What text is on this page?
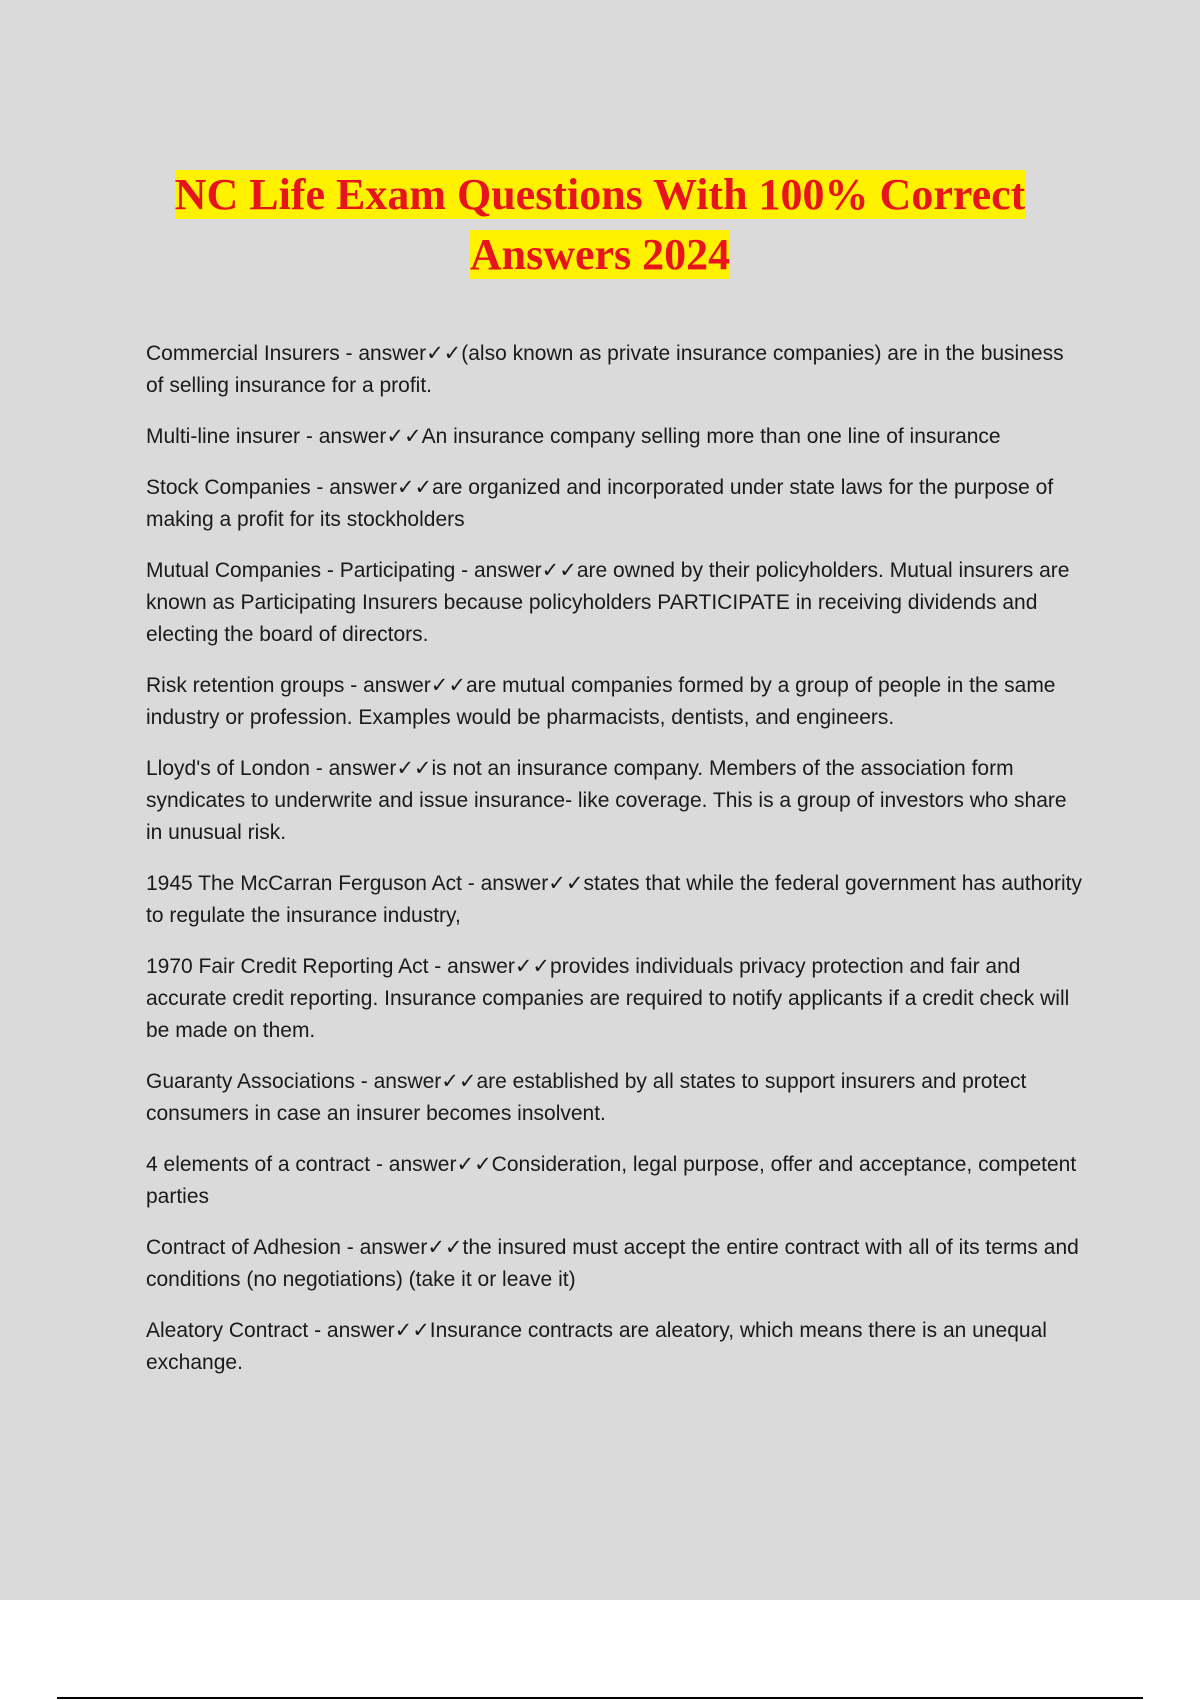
NC Life Exam Questions With 100% Correct
Answers 2024

Commercial Insurers - answer✓✓(also known as private insurance companies) are in the business of selling insurance for a profit.

Multi-line insurer - answer✓✓An insurance company selling more than one line of insurance

Stock Companies - answer✓✓are organized and incorporated under state laws for the purpose of making a profit for its stockholders

Mutual Companies - Participating - answer✓✓are owned by their policyholders. Mutual insurers are known as Participating Insurers because policyholders PARTICIPATE in receiving dividends and electing the board of directors.

Risk retention groups - answer✓✓are mutual companies formed by a group of people in the same industry or profession. Examples would be pharmacists, dentists, and engineers.

Lloyd's of London - answer✓✓is not an insurance company. Members of the association form syndicates to underwrite and issue insurance- like coverage. This is a group of investors who share in unusual risk.

1945 The McCarran Ferguson Act - answer✓✓states that while the federal government has authority to regulate the insurance industry,

1970 Fair Credit Reporting Act - answer✓✓provides individuals privacy protection and fair and accurate credit reporting. Insurance companies are required to notify applicants if a credit check will be made on them.

Guaranty Associations - answer✓✓are established by all states to support insurers and protect consumers in case an insurer becomes insolvent.

4 elements of a contract - answer✓✓Consideration, legal purpose, offer and acceptance, competent parties

Contract of Adhesion - answer✓✓the insured must accept the entire contract with all of its terms and conditions (no negotiations) (take it or leave it)

Aleatory Contract - answer✓✓Insurance contracts are aleatory, which means there is an unequal exchange.
